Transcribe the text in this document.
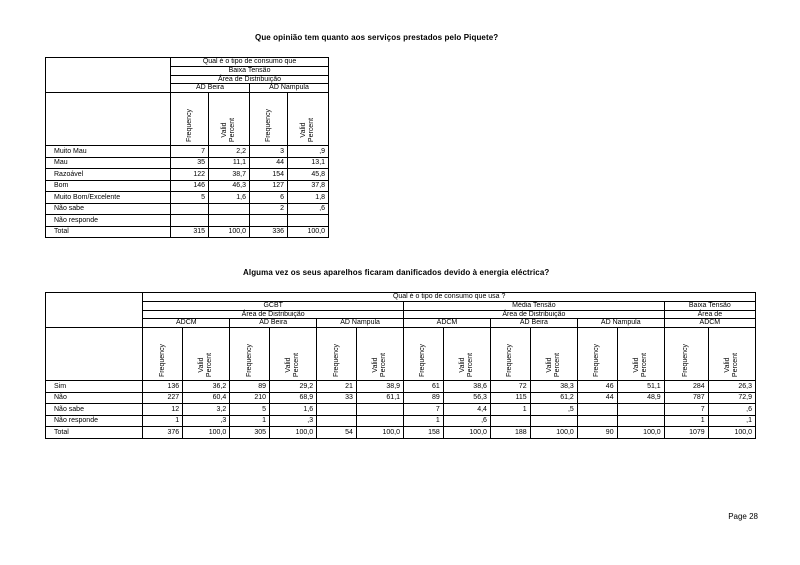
Que opinião tem quanto aos serviços prestados pelo Piquete?
	Qual é o tipo de consumo que			
	Baixa Tensão			
	Área de Distribuição			
	AD Beira		AD Nampula	

	Frequency	Valid Percent	Frequency	Valid Percent

Muito Mau	7	2,2	3	,9
Mau	35	11,1	44	13,1
Razoável	122	38,7	154	45,8
Bom	146	46,3	127	37,8
Muito Bom/Excelente	5	1,6	6	1,8
Não sabe			2	,6
Não responde				
Total	315	100,0	336	100,0
Alguma vez os seus aparelhos ficaram danificados devido à energia eléctrica?
	Qual é o tipo de consumo que usa ?													
	GCBT						Média Tensão						Baixa Tensão	
	Área de Distribuição						Área de Distribuição						Área de	
	ADCM		AD Beira		AD Nampula		ADCM		AD Beira		AD Nampula		ADCM	

	Frequency	Valid Percent	Frequency	Valid Percent	Frequency	Valid Percent	Frequency	Valid Percent	Frequency	Valid Percent	Frequency	Valid Percent	Frequency	Valid Percent

Sim	136	36,2	89	29,2	21	38,9	61	38,6	72	38,3	46	51,1	284	26,3
Não	227	60,4	210	68,9	33	61,1	89	56,3	115	61,2	44	48,9	787	72,9
Não sabe	12	3,2	5	1,6			7	4,4	1	,5			7	,6
Não responde	1	,3	1	,3			1	,6					1	,1
Total	376	100,0	305	100,0	54	100,0	158	100,0	188	100,0	90	100,0	1079	100,0
Page 28
